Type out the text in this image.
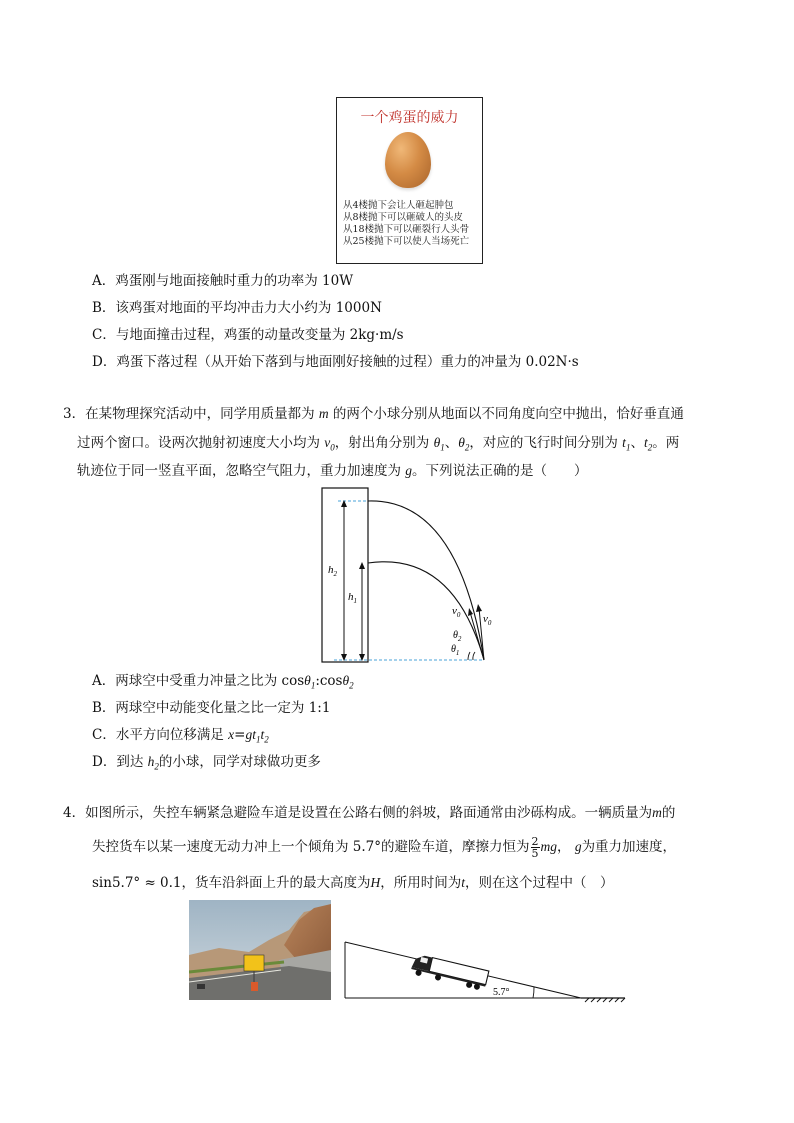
一个鸡蛋的威力
从4楼抛下会让人砸起肿包
从8楼抛下可以砸破人的头皮
从18楼抛下可以砸裂行人头骨
从25楼抛下可以使人当场死亡
A．鸡蛋刚与地面接触时重力的功率为 10W
B．该鸡蛋对地面的平均冲击力大小约为 1000N
C．与地面撞击过程，鸡蛋的动量改变量为 2kg·m/s
D．鸡蛋下落过程（从开始下落到与地面刚好接触的过程）重力的冲量为 0.02N·s
3．在某物理探究活动中，同学用质量都为 m 的两个小球分别从地面以不同角度向空中抛出，恰好垂直通
过两个窗口。设两次抛射初速度大小均为 $v_0$，射出角分别为 $\theta_1$、$\theta_2$，对应的飞行时间分别为 $t_1$、$t_2$。两
轨迹位于同一竖直平面，忽略空气阻力，重力加速度为 g。下列说法正确的是（　　）
$h_2$
$h_1$
$v_0$ $v_0$
$\theta_2$
$\theta_1$
A．两球空中受重力冲量之比为 cosθ$_1$:cosθ$_2$
B．两球空中动能变化量之比一定为 1:1
C．水平方向位移满足 $x=gt_1t_2$
D．到达 $h_2$的小球，同学对球做功更多
4．如图所示，失控车辆紧急避险车道是设置在公路右侧的斜坡，路面通常由沙砾构成。一辆质量为m的
失控货车以某一速度无动力冲上一个倾角为 5.7°的避险车道，摩擦力恒为 $\frac{2}{5}$ mg， g为重力加速度，
sin5.7° ≈ 0.1，货车沿斜面上升的最大高度为H，所用时间为t，则在这个过程中（　）
5.7°
